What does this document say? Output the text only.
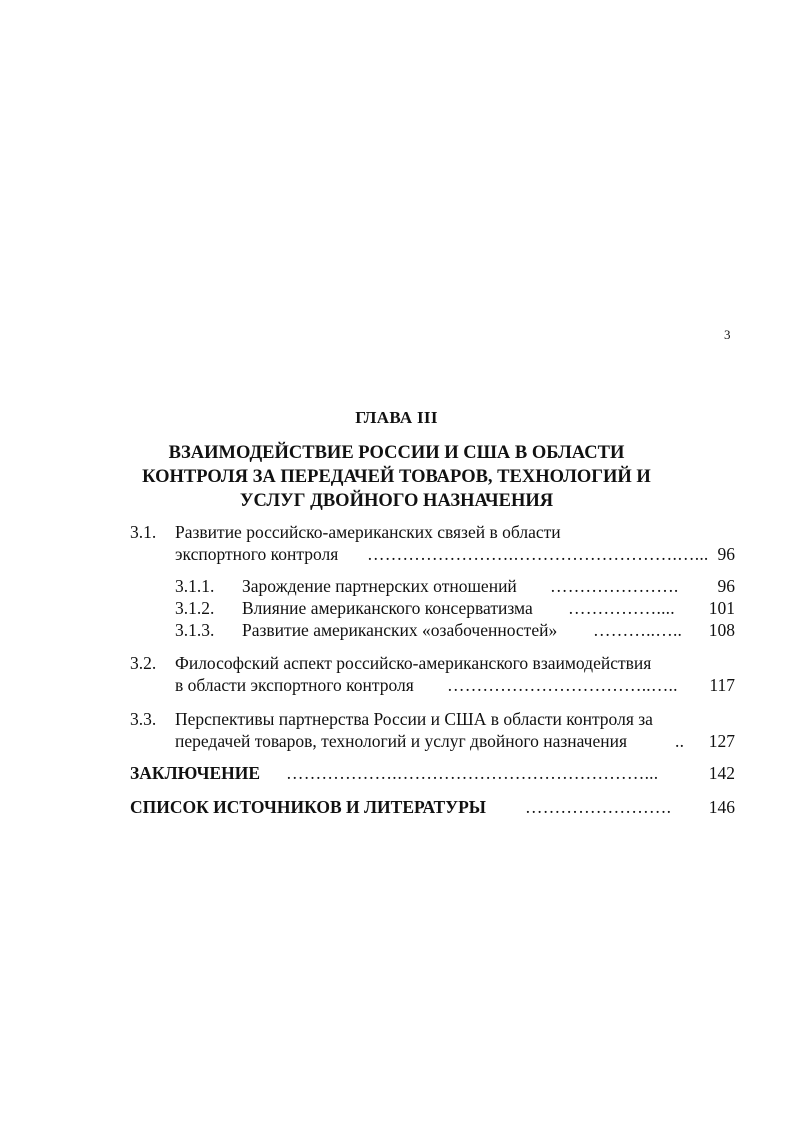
3
ГЛАВА III
ВЗАИМОДЕЙСТВИЕ РОССИИ И США В ОБЛАСТИ
КОНТРОЛЯ ЗА ПЕРЕДАЧЕЙ ТОВАРОВ, ТЕХНОЛОГИЙ И
УСЛУГ ДВОЙНОГО НАЗНАЧЕНИЯ
3.1. Развитие российско-американских связей в области
экспортного контроля …………………….……………………….…... 96
3.1.1. Зарождение партнерских отношений ………………….	96
3.1.2. Влияние американского консерватизма ……………....	101
3.1.3. Развитие американских «озабоченностей» ………..…..	108
3.2. Философский аспект российско-американского взаимодействия
в области экспортного контроля ……………………………..…..	117
3.3. Перспективы партнерства России и США в области контроля за
передачей товаров, технологий и услуг двойного назначения	..	127
ЗАКЛЮЧЕНИЕ ……………….……………………………………...	142
СПИСОК ИСТОЧНИКОВ И ЛИТЕРАТУРЫ …………………….	146
